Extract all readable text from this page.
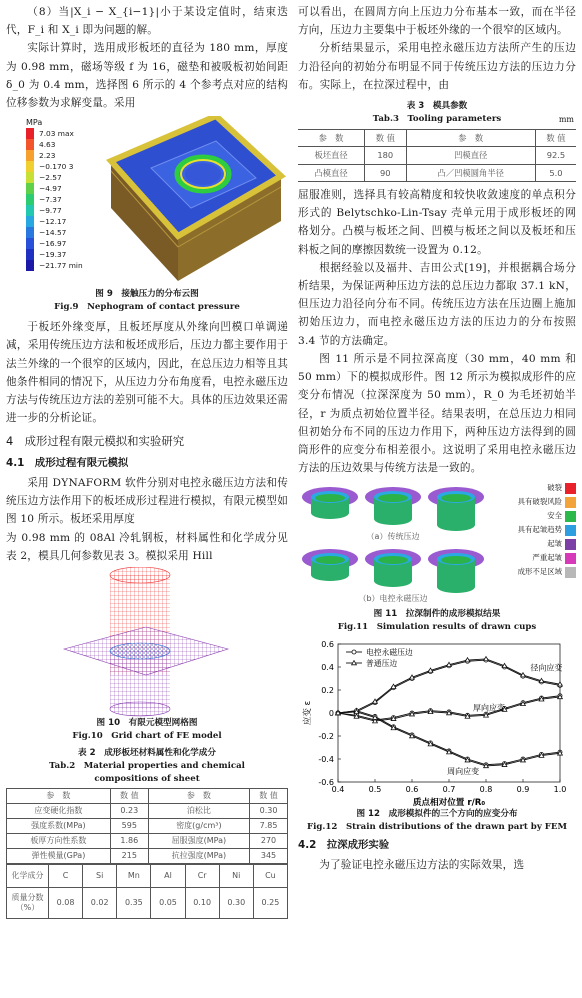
（8）当|X_i − X_{i−1}|小于某设定值时，结束迭代，F_i 和 X_i 即为问题的解。

实际计算时，选用成形板坯的直径为 180 mm，厚度为 0.98 mm，磁场等级 f 为 16，磁垫和被吸板初始间距 δ_0 为 0.4 mm，选择图 6 所示的 4 个参考点对应的结构位移参数为求解变量。采用

MPa
7.03 max
4.63
2.23
−0.170 3
−2.57
−4.97
−7.37
−9.77
−12.17
−14.57
−16.97
−19.37
−21.77 min
图 9　接触压力的分布云图
Fig.9　Nephogram of contact pressure

于板坯外缘变厚，且板坯厚度从外缘向凹模口单调递减，采用传统压边方法和板坯成形后，压边力都主要作用于法兰外缘的一个很窄的区域内，因此，在总压边力相等且其他条件相同的情况下，从压边力分布角度看，电控永磁压边方法与传统压边方法的差别可能不大。具体的压边效果还需进一步的分析论证。

4　成形过程有限元模拟和实验研究
4.1　成形过程有限元模拟

采用 DYNAFORM 软件分别对电控永磁压边方法和传统压边方法作用下的板坯成形过程进行模拟，有限元模型如图 10 所示。板坯采用厚度

为 0.98 mm 的 08Al 冷轧钢板，材料属性和化学成分见表 2，模具几何参数见表 3。模拟采用 Hill

图 10　有限元模型网格图
Fig.10　Grid chart of FE model
表 2　成形板坯材料属性和化学成分
Tab.2　Material properties and chemical
compositions of sheet
参　数	数 值	参　数	数 值
应变硬化指数	0.23	泊松比	0.30
强度系数(MPa)	595	密度(g/cm³)	7.85
板厚方向性系数	1.86	屈服强度(MPa)	270
弹性模量(GPa)	215	抗拉强度(MPa)	345
化学成分	C	Si	Mn	Al	Cr	Ni	Cu
质量分数（%）	0.08	0.02	0.35	0.05	0.10	0.30	0.25

可以看出，在圆周方向上压边力分布基本一致，而在半径方向，压边力主要集中于板坯外缘的一个很窄的区域内。

分析结果显示，采用电控永磁压边方法所产生的压边力沿径向的初始分布明显不同于传统压边方法的压边力分布。实际上，在拉深过程中，由

表 3　模具参数
Tab.3　Tooling parameters	mm
参　数	数 值	参　数	数 值
板坯直径	180	凹模直径	92.5
凸模直径	90	凸／凹模圆角半径	5.0

屈服准则，选择具有较高精度和较快收敛速度的单点积分形式的 Belytschko-Lin-Tsay 壳单元用于成形板坯的网格划分。凸模与板坯之间、凹模与板坯之间以及板坯和压料板之间的摩擦因数统一设置为 0.12。

根据经验以及福井、吉田公式[19]，并根据耦合场分析结果，为保证两种压边方法的总压边力都取 37.1 kN，但压边力沿径向分布不同。传统压边方法在压边圈上施加初始压边力，而电控永磁压边方法的压边力的分布按照 3.4 节的方法确定。

图 11 所示是不同拉深高度（30 mm，40 mm 和 50 mm）下的模拟成形件。图 12 所示为模拟成形件的应变分布情况（拉深深度为 50 mm），R_0 为毛坯初始半径，r 为质点初始位置半径。结果表明，在总压边力相同但初始分布不同的压边力作用下，两种压边方法得到的圆筒形件的应变分布相差很小。这说明了采用电控永磁压边方法的压边效果与传统方法是一致的。

（a）传统压边
（b）电控永磁压边
破裂
具有破裂风险
安全
具有起皱趋势
起皱
严重起皱
成形不足区域
图 11　拉深制件的成形模拟结果
Fig.11　Simulation results of drawn cups
0.4	0.5	0.6	0.7	0.8	0.9	1.0
0.6
0.4
0.2
0
-0.2
-0.4
-0.6
质点相对位置 r/R₀
应变 ε
电控永磁压边
普通压边	径向应变
厚向应变
周向应变
图 12　成形模拟件的三个方向的应变分布
Fig.12　Strain distributions of the drawn part by FEM
4.2　拉深成形实验

为了验证电控永磁压边方法的实际效果，选
